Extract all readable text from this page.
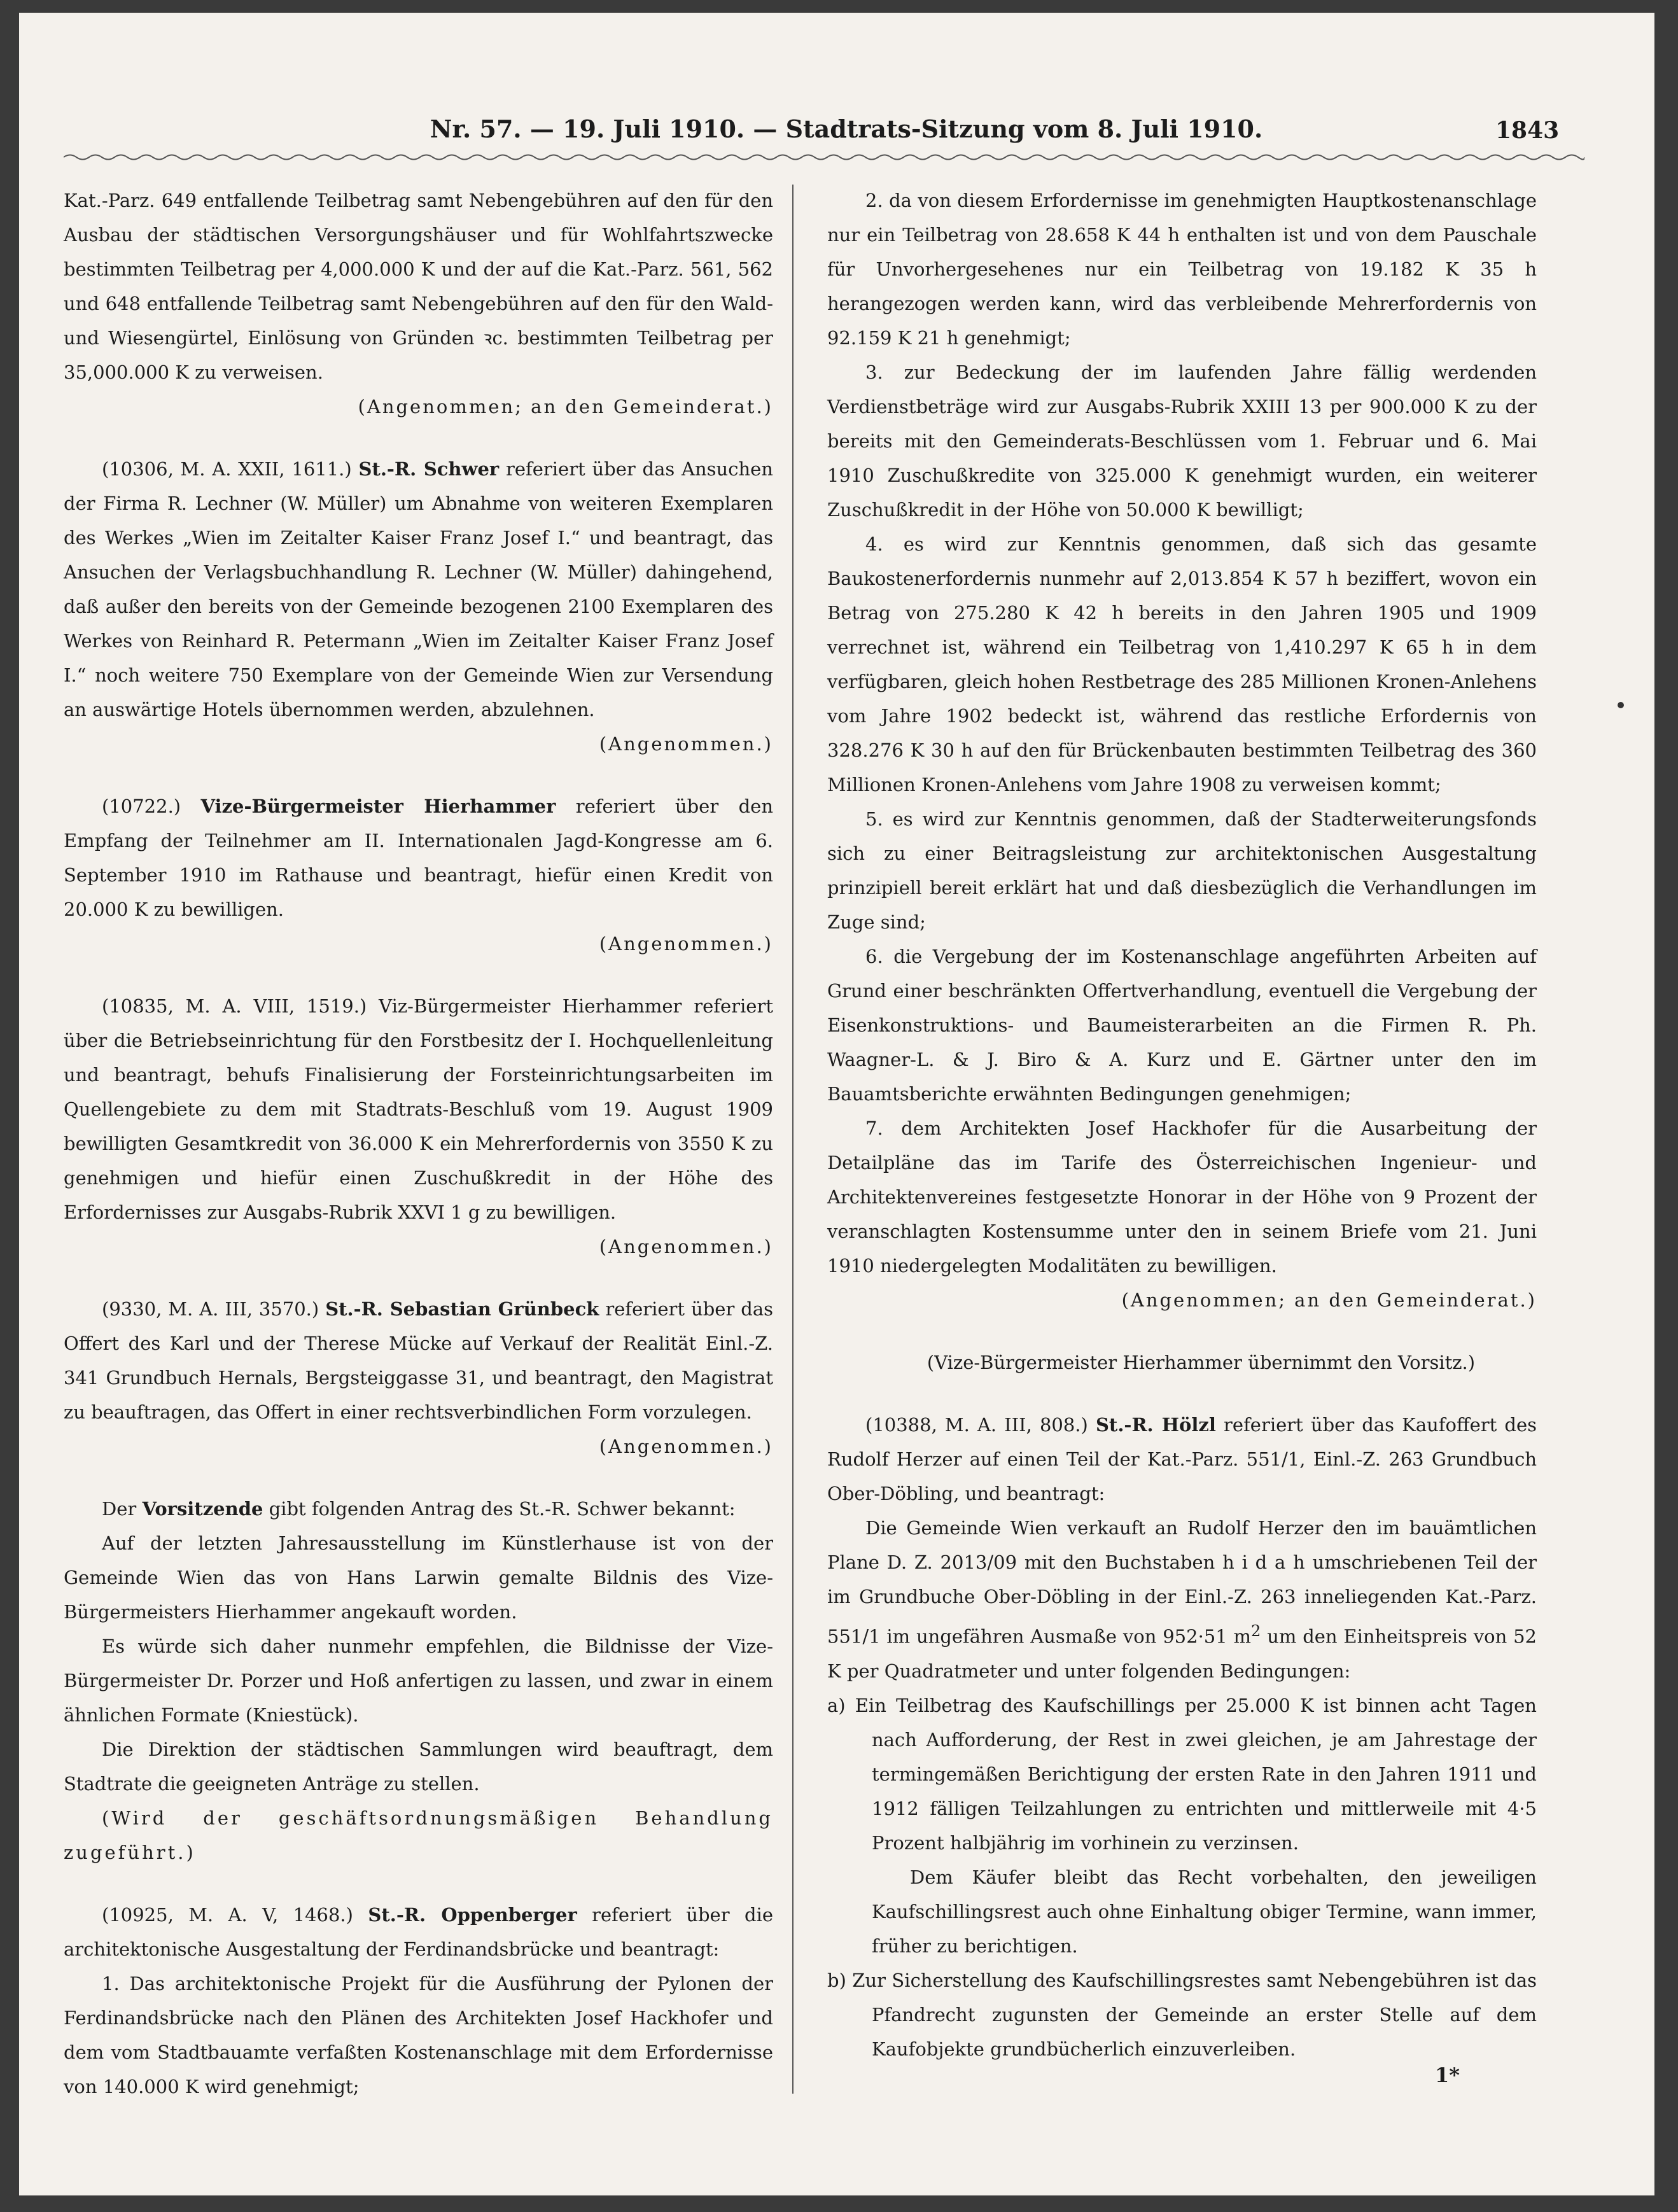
Nr. 57. — 19. Juli 1910. — Stadtrats-Sitzung vom 8. Juli 1910.	1843

Kat.-Parz. 649 entfallende Teilbetrag samt Nebengebühren auf den für den Ausbau der städtischen Versorgungshäuser und für Wohlfahrtszwecke bestimmten Teilbetrag per 4,000.000 K und der auf die Kat.-Parz. 561, 562 und 648 entfallende Teilbetrag samt Nebengebühren auf den für den Wald- und Wiesengürtel, Einlösung von Gründen ꝛc. bestimmten Teilbetrag per 35,000.000 K zu verweisen.
(Angenommen; an den Gemeinderat.)

(10306, M. A. XXII, 1611.) St.-R. Schwer referiert über das Ansuchen der Firma R. Lechner (W. Müller) um Abnahme von weiteren Exemplaren des Werkes „Wien im Zeitalter Kaiser Franz Josef I.“ und beantragt, das Ansuchen der Verlagsbuchhandlung R. Lechner (W. Müller) dahingehend, daß außer den bereits von der Gemeinde bezogenen 2100 Exemplaren des Werkes von Reinhard R. Petermann „Wien im Zeitalter Kaiser Franz Josef I.“ noch weitere 750 Exemplare von der Gemeinde Wien zur Versendung an auswärtige Hotels übernommen werden, abzulehnen.
(Angenommen.)

(10722.) Vize-Bürgermeister Hierhammer referiert über den Empfang der Teilnehmer am II. Internationalen Jagd-Kongresse am 6. September 1910 im Rathause und beantragt, hiefür einen Kredit von 20.000 K zu bewilligen.
(Angenommen.)

(10835, M. A. VIII, 1519.) Viz-Bürgermeister Hierhammer referiert über die Betriebseinrichtung für den Forstbesitz der I. Hochquellenleitung und beantragt, behufs Finalisierung der Forsteinrichtungsarbeiten im Quellengebiete zu dem mit Stadtrats-Beschluß vom 19. August 1909 bewilligten Gesamtkredit von 36.000 K ein Mehrerfordernis von 3550 K zu genehmigen und hiefür einen Zuschußkredit in der Höhe des Erfordernisses zur Ausgabs-Rubrik XXVI 1 g zu bewilligen.
(Angenommen.)

(9330, M. A. III, 3570.) St.-R. Sebastian Grünbeck referiert über das Offert des Karl und der Therese Mücke auf Verkauf der Realität Einl.-Z. 341 Grundbuch Hernals, Bergsteiggasse 31, und beantragt, den Magistrat zu beauftragen, das Offert in einer rechtsverbindlichen Form vorzulegen.
(Angenommen.)

Der Vorsitzende gibt folgenden Antrag des St.-R. Schwer bekannt:

Auf der letzten Jahresausstellung im Künstlerhause ist von der Gemeinde Wien das von Hans Larwin gemalte Bildnis des Vize-Bürgermeisters Hierhammer angekauft worden.

Es würde sich daher nunmehr empfehlen, die Bildnisse der Vize-Bürgermeister Dr. Porzer und Hoß anfertigen zu lassen, und zwar in einem ähnlichen Formate (Kniestück).

Die Direktion der städtischen Sammlungen wird beauftragt, dem Stadtrate die geeigneten Anträge zu stellen.

(Wird der geschäftsordnungsmäßigen Behandlung zugeführt.)

(10925, M. A. V, 1468.) St.-R. Oppenberger referiert über die architektonische Ausgestaltung der Ferdinandsbrücke und beantragt:

1. Das architektonische Projekt für die Ausführung der Pylonen der Ferdinandsbrücke nach den Plänen des Architekten Josef Hackhofer und dem vom Stadtbauamte verfaßten Kostenanschlage mit dem Erfordernisse von 140.000 K wird genehmigt;

2. da von diesem Erfordernisse im genehmigten Hauptkostenanschlage nur ein Teilbetrag von 28.658 K 44 h enthalten ist und von dem Pauschale für Unvorhergesehenes nur ein Teilbetrag von 19.182 K 35 h herangezogen werden kann, wird das verbleibende Mehrerfordernis von 92.159 K 21 h genehmigt;

3. zur Bedeckung der im laufenden Jahre fällig werdenden Verdienstbeträge wird zur Ausgabs-Rubrik XXIII 13 per 900.000 K zu der bereits mit den Gemeinderats-Beschlüssen vom 1. Februar und 6. Mai 1910 Zuschußkredite von 325.000 K genehmigt wurden, ein weiterer Zuschußkredit in der Höhe von 50.000 K bewilligt;

4. es wird zur Kenntnis genommen, daß sich das gesamte Baukostenerfordernis nunmehr auf 2,013.854 K 57 h beziffert, wovon ein Betrag von 275.280 K 42 h bereits in den Jahren 1905 und 1909 verrechnet ist, während ein Teilbetrag von 1,410.297 K 65 h in dem verfügbaren, gleich hohen Restbetrage des 285 Millionen Kronen-Anlehens vom Jahre 1902 bedeckt ist, während das restliche Erfordernis von 328.276 K 30 h auf den für Brückenbauten bestimmten Teilbetrag des 360 Millionen Kronen-Anlehens vom Jahre 1908 zu verweisen kommt;

5. es wird zur Kenntnis genommen, daß der Stadterweiterungsfonds sich zu einer Beitragsleistung zur architektonischen Ausgestaltung prinzipiell bereit erklärt hat und daß diesbezüglich die Verhandlungen im Zuge sind;

6. die Vergebung der im Kostenanschlage angeführten Arbeiten auf Grund einer beschränkten Offertverhandlung, eventuell die Vergebung der Eisenkonstruktions- und Baumeisterarbeiten an die Firmen R. Ph. Waagner-L. & J. Biro & A. Kurz und E. Gärtner unter den im Bauamtsberichte erwähnten Bedingungen genehmigen;

7. dem Architekten Josef Hackhofer für die Ausarbeitung der Detailpläne das im Tarife des Österreichischen Ingenieur- und Architektenvereines festgesetzte Honorar in der Höhe von 9 Prozent der veranschlagten Kostensumme unter den in seinem Briefe vom 21. Juni 1910 niedergelegten Modalitäten zu bewilligen.

(Angenommen; an den Gemeinderat.)

(Vize-Bürgermeister Hierhammer übernimmt den Vorsitz.)

(10388, M. A. III, 808.) St.-R. Hölzl referiert über das Kaufoffert des Rudolf Herzer auf einen Teil der Kat.-Parz. 551/1, Einl.-Z. 263 Grundbuch Ober-Döbling, und beantragt:

Die Gemeinde Wien verkauft an Rudolf Herzer den im bauämtlichen Plane D. Z. 2013/09 mit den Buchstaben h i d a h umschriebenen Teil der im Grundbuche Ober-Döbling in der Einl.-Z. 263 inneliegenden Kat.-Parz. 551/1 im ungefähren Ausmaße von 952·51 $m^2$ um den Einheitspreis von 52 K per Quadratmeter und unter folgenden Bedingungen:

a) Ein Teilbetrag des Kaufschillings per 25.000 K ist binnen acht Tagen nach Aufforderung, der Rest in zwei gleichen, je am Jahrestage der termingemäßen Berichtigung der ersten Rate in den Jahren 1911 und 1912 fälligen Teilzahlungen zu entrichten und mittlerweile mit 4·5 Prozent halbjährig im vorhinein zu verzinsen.

Dem Käufer bleibt das Recht vorbehalten, den jeweiligen Kaufschillingsrest auch ohne Einhaltung obiger Termine, wann immer, früher zu berichtigen.

b) Zur Sicherstellung des Kaufschillingsrestes samt Nebengebühren ist das Pfandrecht zugunsten der Gemeinde an erster Stelle auf dem Kaufobjekte grundbücherlich einzuverleiben.

1*
